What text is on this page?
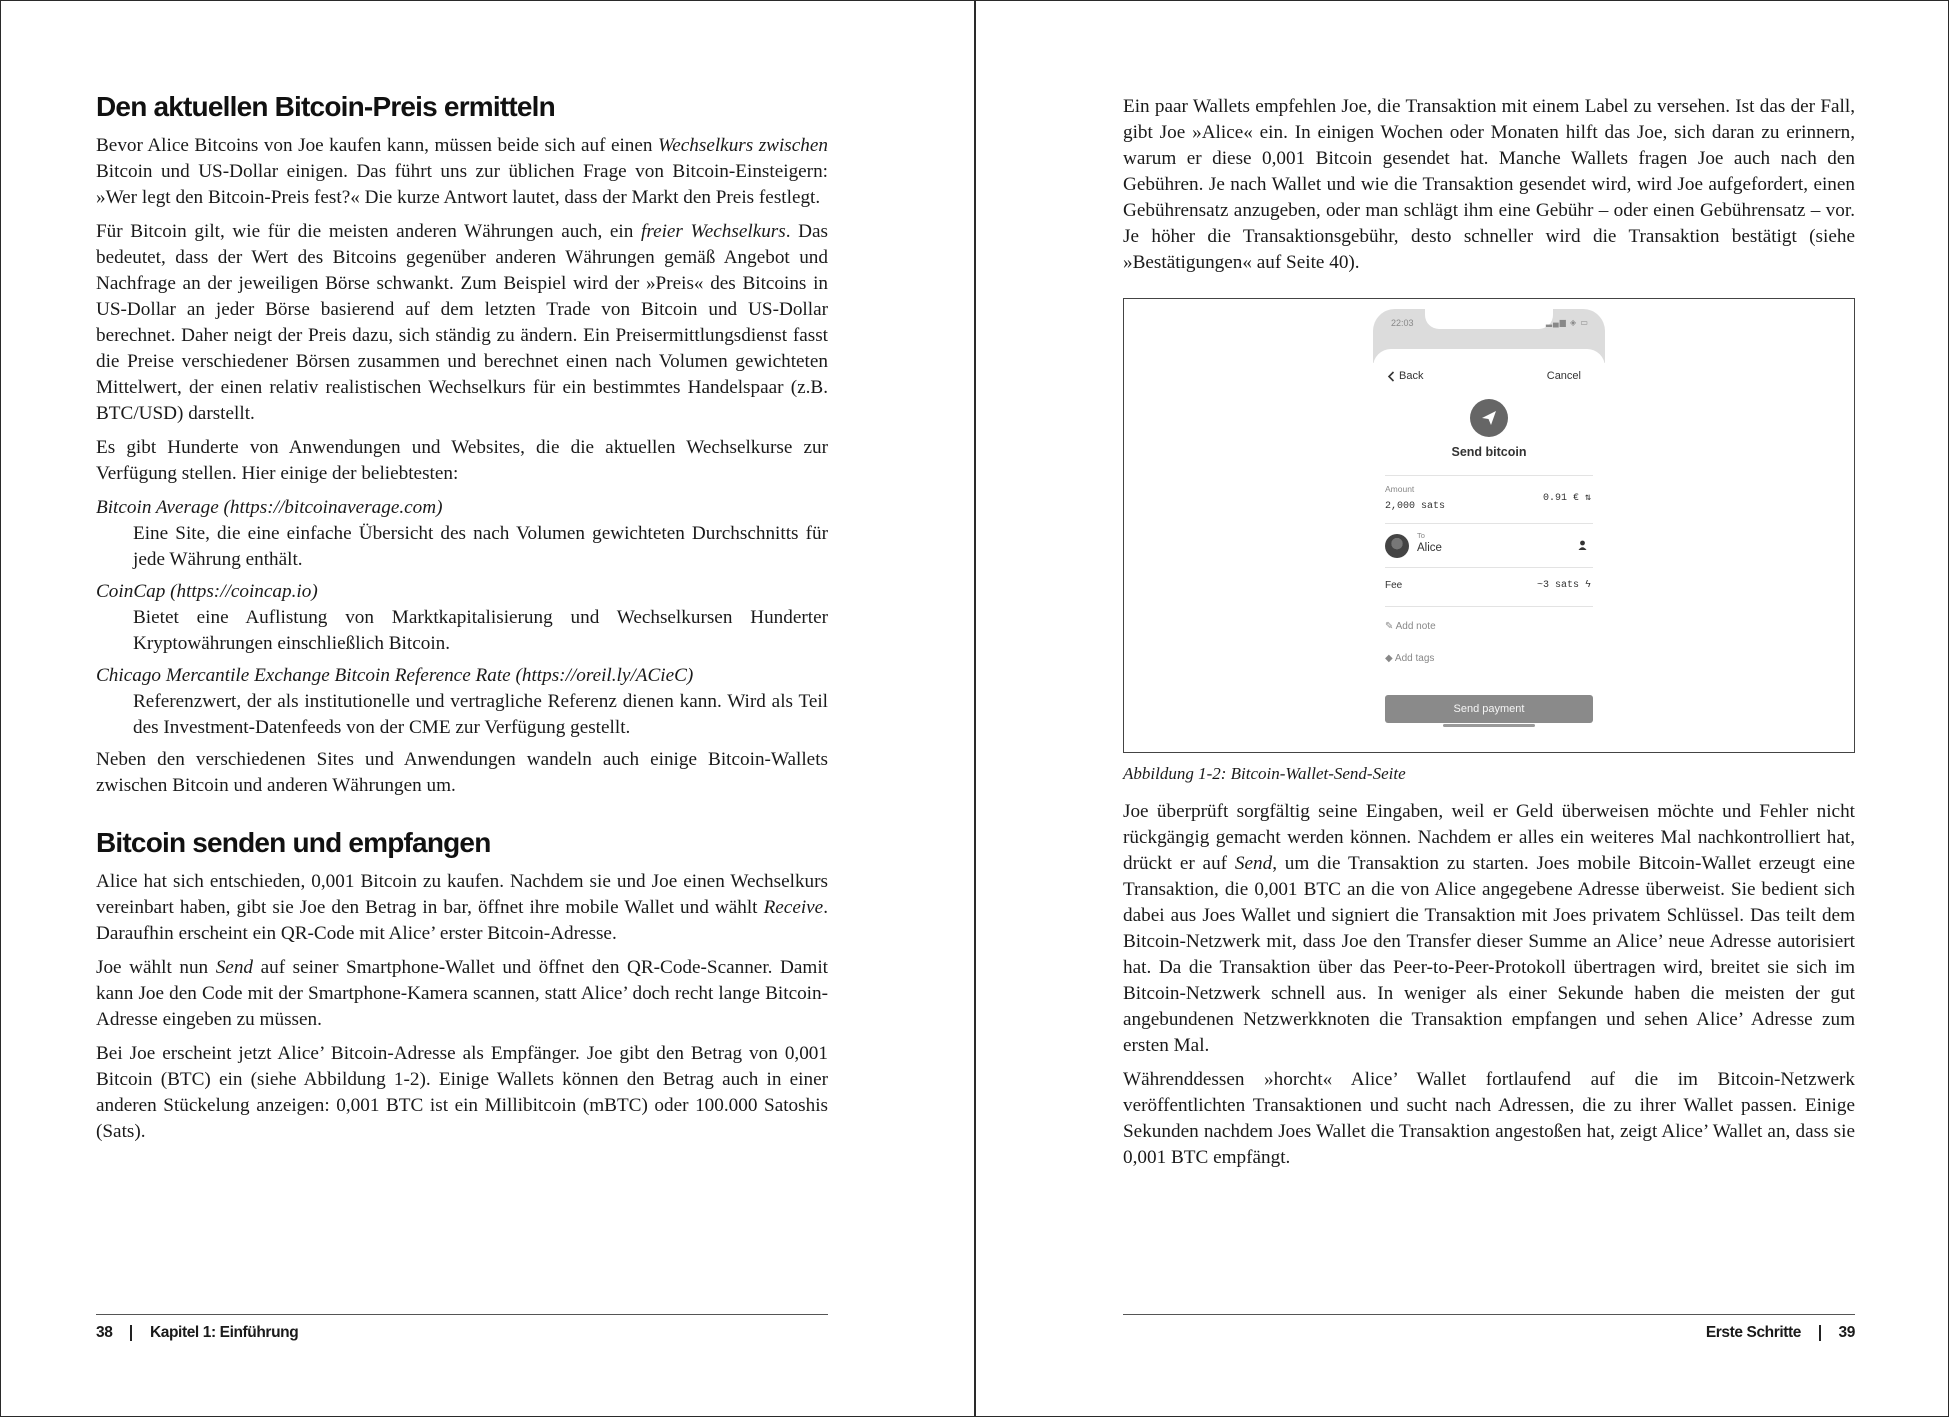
Den aktuellen Bitcoin-Preis ermitteln

Bevor Alice Bitcoins von Joe kaufen kann, müssen beide sich auf einen Wechselkurs zwischen Bitcoin und US-Dollar einigen. Das führt uns zur üblichen Frage von Bitcoin-Einsteigern: »Wer legt den Bitcoin-Preis fest?« Die kurze Antwort lautet, dass der Markt den Preis festlegt.

Für Bitcoin gilt, wie für die meisten anderen Währungen auch, ein freier Wechselkurs. Das bedeutet, dass der Wert des Bitcoins gegenüber anderen Währungen gemäß Angebot und Nachfrage an der jeweiligen Börse schwankt. Zum Beispiel wird der »Preis« des Bitcoins in US-Dollar an jeder Börse basierend auf dem letzten Trade von Bitcoin und US-Dollar berechnet. Daher neigt der Preis dazu, sich ständig zu ändern. Ein Preisermittlungsdienst fasst die Preise verschiedener Börsen zusammen und berechnet einen nach Volumen gewichteten Mittelwert, der einen relativ realistischen Wechselkurs für ein bestimmtes Handelspaar (z.B. BTC/USD) darstellt.

Es gibt Hunderte von Anwendungen und Websites, die die aktuellen Wechselkurse zur Verfügung stellen. Hier einige der beliebtesten:

Bitcoin Average (https://bitcoinaverage.com)
Eine Site, die eine einfache Übersicht des nach Volumen gewichteten Durchschnitts für jede Währung enthält.
CoinCap (https://coincap.io)
Bietet eine Auflistung von Marktkapitalisierung und Wechselkursen Hunderter Kryptowährungen einschließlich Bitcoin.
Chicago Mercantile Exchange Bitcoin Reference Rate (https://oreil.ly/ACieC)
Referenzwert, der als institutionelle und vertragliche Referenz dienen kann. Wird als Teil des Investment-Datenfeeds von der CME zur Verfügung gestellt.

Neben den verschiedenen Sites und Anwendungen wandeln auch einige Bitcoin-Wallets zwischen Bitcoin und anderen Währungen um.

Bitcoin senden und empfangen

Alice hat sich entschieden, 0,001 Bitcoin zu kaufen. Nachdem sie und Joe einen Wechselkurs vereinbart haben, gibt sie Joe den Betrag in bar, öffnet ihre mobile Wallet und wählt Receive. Daraufhin erscheint ein QR-Code mit Alice’ erster Bitcoin-Adresse.

Joe wählt nun Send auf seiner Smartphone-Wallet und öffnet den QR-Code-Scanner. Damit kann Joe den Code mit der Smartphone-Kamera scannen, statt Alice’ doch recht lange Bitcoin-Adresse eingeben zu müssen.

Bei Joe erscheint jetzt Alice’ Bitcoin-Adresse als Empfänger. Joe gibt den Betrag von 0,001 Bitcoin (BTC) ein (siehe Abbildung 1-2). Einige Wallets können den Betrag auch in einer anderen Stückelung anzeigen: 0,001 BTC ist ein Millibitcoin (mBTC) oder 100.000 Satoshis (Sats).

38 Kapitel 1: Einführung

Ein paar Wallets empfehlen Joe, die Transaktion mit einem Label zu versehen. Ist das der Fall, gibt Joe »Alice« ein. In einigen Wochen oder Monaten hilft das Joe, sich daran zu erinnern, warum er diese 0,001 Bitcoin gesendet hat. Manche Wallets fragen Joe auch nach den Gebühren. Je nach Wallet und wie die Transaktion gesendet wird, wird Joe aufgefordert, einen Gebührensatz anzugeben, oder man schlägt ihm eine Gebühr – oder einen Gebührensatz – vor. Je höher die Transaktionsgebühr, desto schneller wird die Transaktion bestätigt (siehe »Bestätigungen« auf Seite 40).

22:03	▂▄▆ ◈ ▭
Back	Cancel
Send bitcoin
Amount
2,000 sats
0.91 € ⇅
To
Alice
Fee	~3 sats ϟ
✎ Add note
◆ Add tags
Send payment
Abbildung 1-2: Bitcoin-Wallet-Send-Seite

Joe überprüft sorgfältig seine Eingaben, weil er Geld überweisen möchte und Fehler nicht rückgängig gemacht werden können. Nachdem er alles ein weiteres Mal nachkontrolliert hat, drückt er auf Send, um die Transaktion zu starten. Joes mobile Bitcoin-Wallet erzeugt eine Transaktion, die 0,001 BTC an die von Alice angegebene Adresse überweist. Sie bedient sich dabei aus Joes Wallet und signiert die Transaktion mit Joes privatem Schlüssel. Das teilt dem Bitcoin-Netzwerk mit, dass Joe den Transfer dieser Summe an Alice’ neue Adresse autorisiert hat. Da die Transaktion über das Peer-to-Peer-Protokoll übertragen wird, breitet sie sich im Bitcoin-Netzwerk schnell aus. In weniger als einer Sekunde haben die meisten der gut angebundenen Netzwerkknoten die Transaktion empfangen und sehen Alice’ Adresse zum ersten Mal.

Währenddessen »horcht« Alice’ Wallet fortlaufend auf die im Bitcoin-Netzwerk veröffentlichten Transaktionen und sucht nach Adressen, die zu ihrer Wallet passen. Einige Sekunden nachdem Joes Wallet die Transaktion angestoßen hat, zeigt Alice’ Wallet an, dass sie 0,001 BTC empfängt.

Erste Schritte 39
